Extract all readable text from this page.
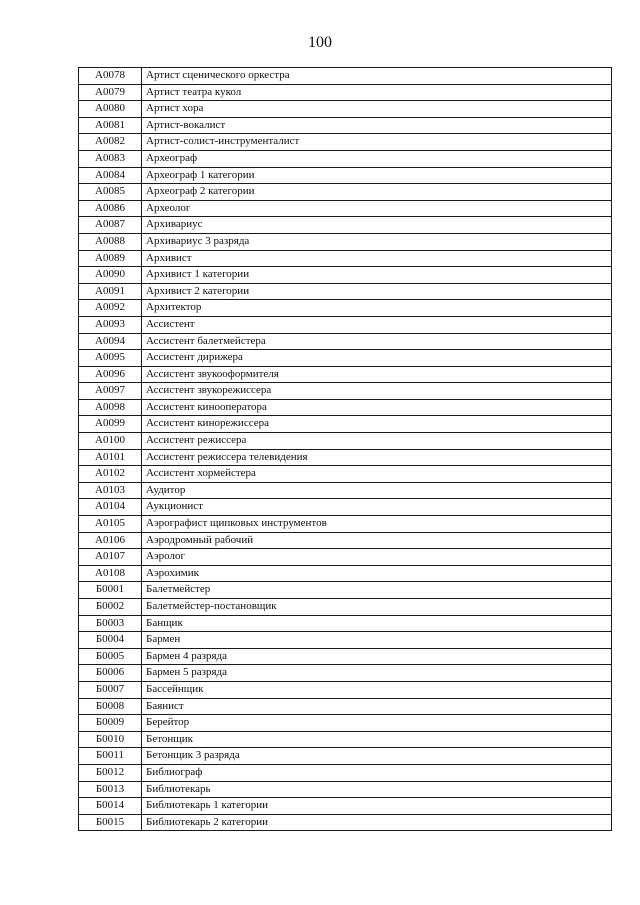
100
А0078	Артист сценического оркестра
А0079	Артист театра кукол
А0080	Артист хора
А0081	Артист-вокалист
А0082	Артист-солист-инструменталист
А0083	Археограф
А0084	Археограф 1 категории
А0085	Археограф 2 категории
А0086	Археолог
А0087	Архивариус
А0088	Архивариус 3 разряда
А0089	Архивист
А0090	Архивист 1 категории
А0091	Архивист 2 категории
А0092	Архитектор
А0093	Ассистент
А0094	Ассистент балетмейстера
А0095	Ассистент дирижера
А0096	Ассистент звукооформителя
А0097	Ассистент звукорежиссера
А0098	Ассистент кинооператора
А0099	Ассистент кинорежиссера
А0100	Ассистент режиссера
А0101	Ассистент режиссера телевидения
А0102	Ассистент хормейстера
А0103	Аудитор
А0104	Аукционист
А0105	Аэрографист щипковых инструментов
А0106	Аэродромный рабочий
А0107	Аэролог
А0108	Аэрохимик
Б0001	Балетмейстер
Б0002	Балетмейстер-постановщик
Б0003	Банщик
Б0004	Бармен
Б0005	Бармен 4 разряда
Б0006	Бармен 5 разряда
Б0007	Бассейнщик
Б0008	Баянист
Б0009	Берейтор
Б0010	Бетонщик
Б0011	Бетонщик 3 разряда
Б0012	Библиограф
Б0013	Библиотекарь
Б0014	Библиотекарь 1 категории
Б0015	Библиотекарь 2 категории
